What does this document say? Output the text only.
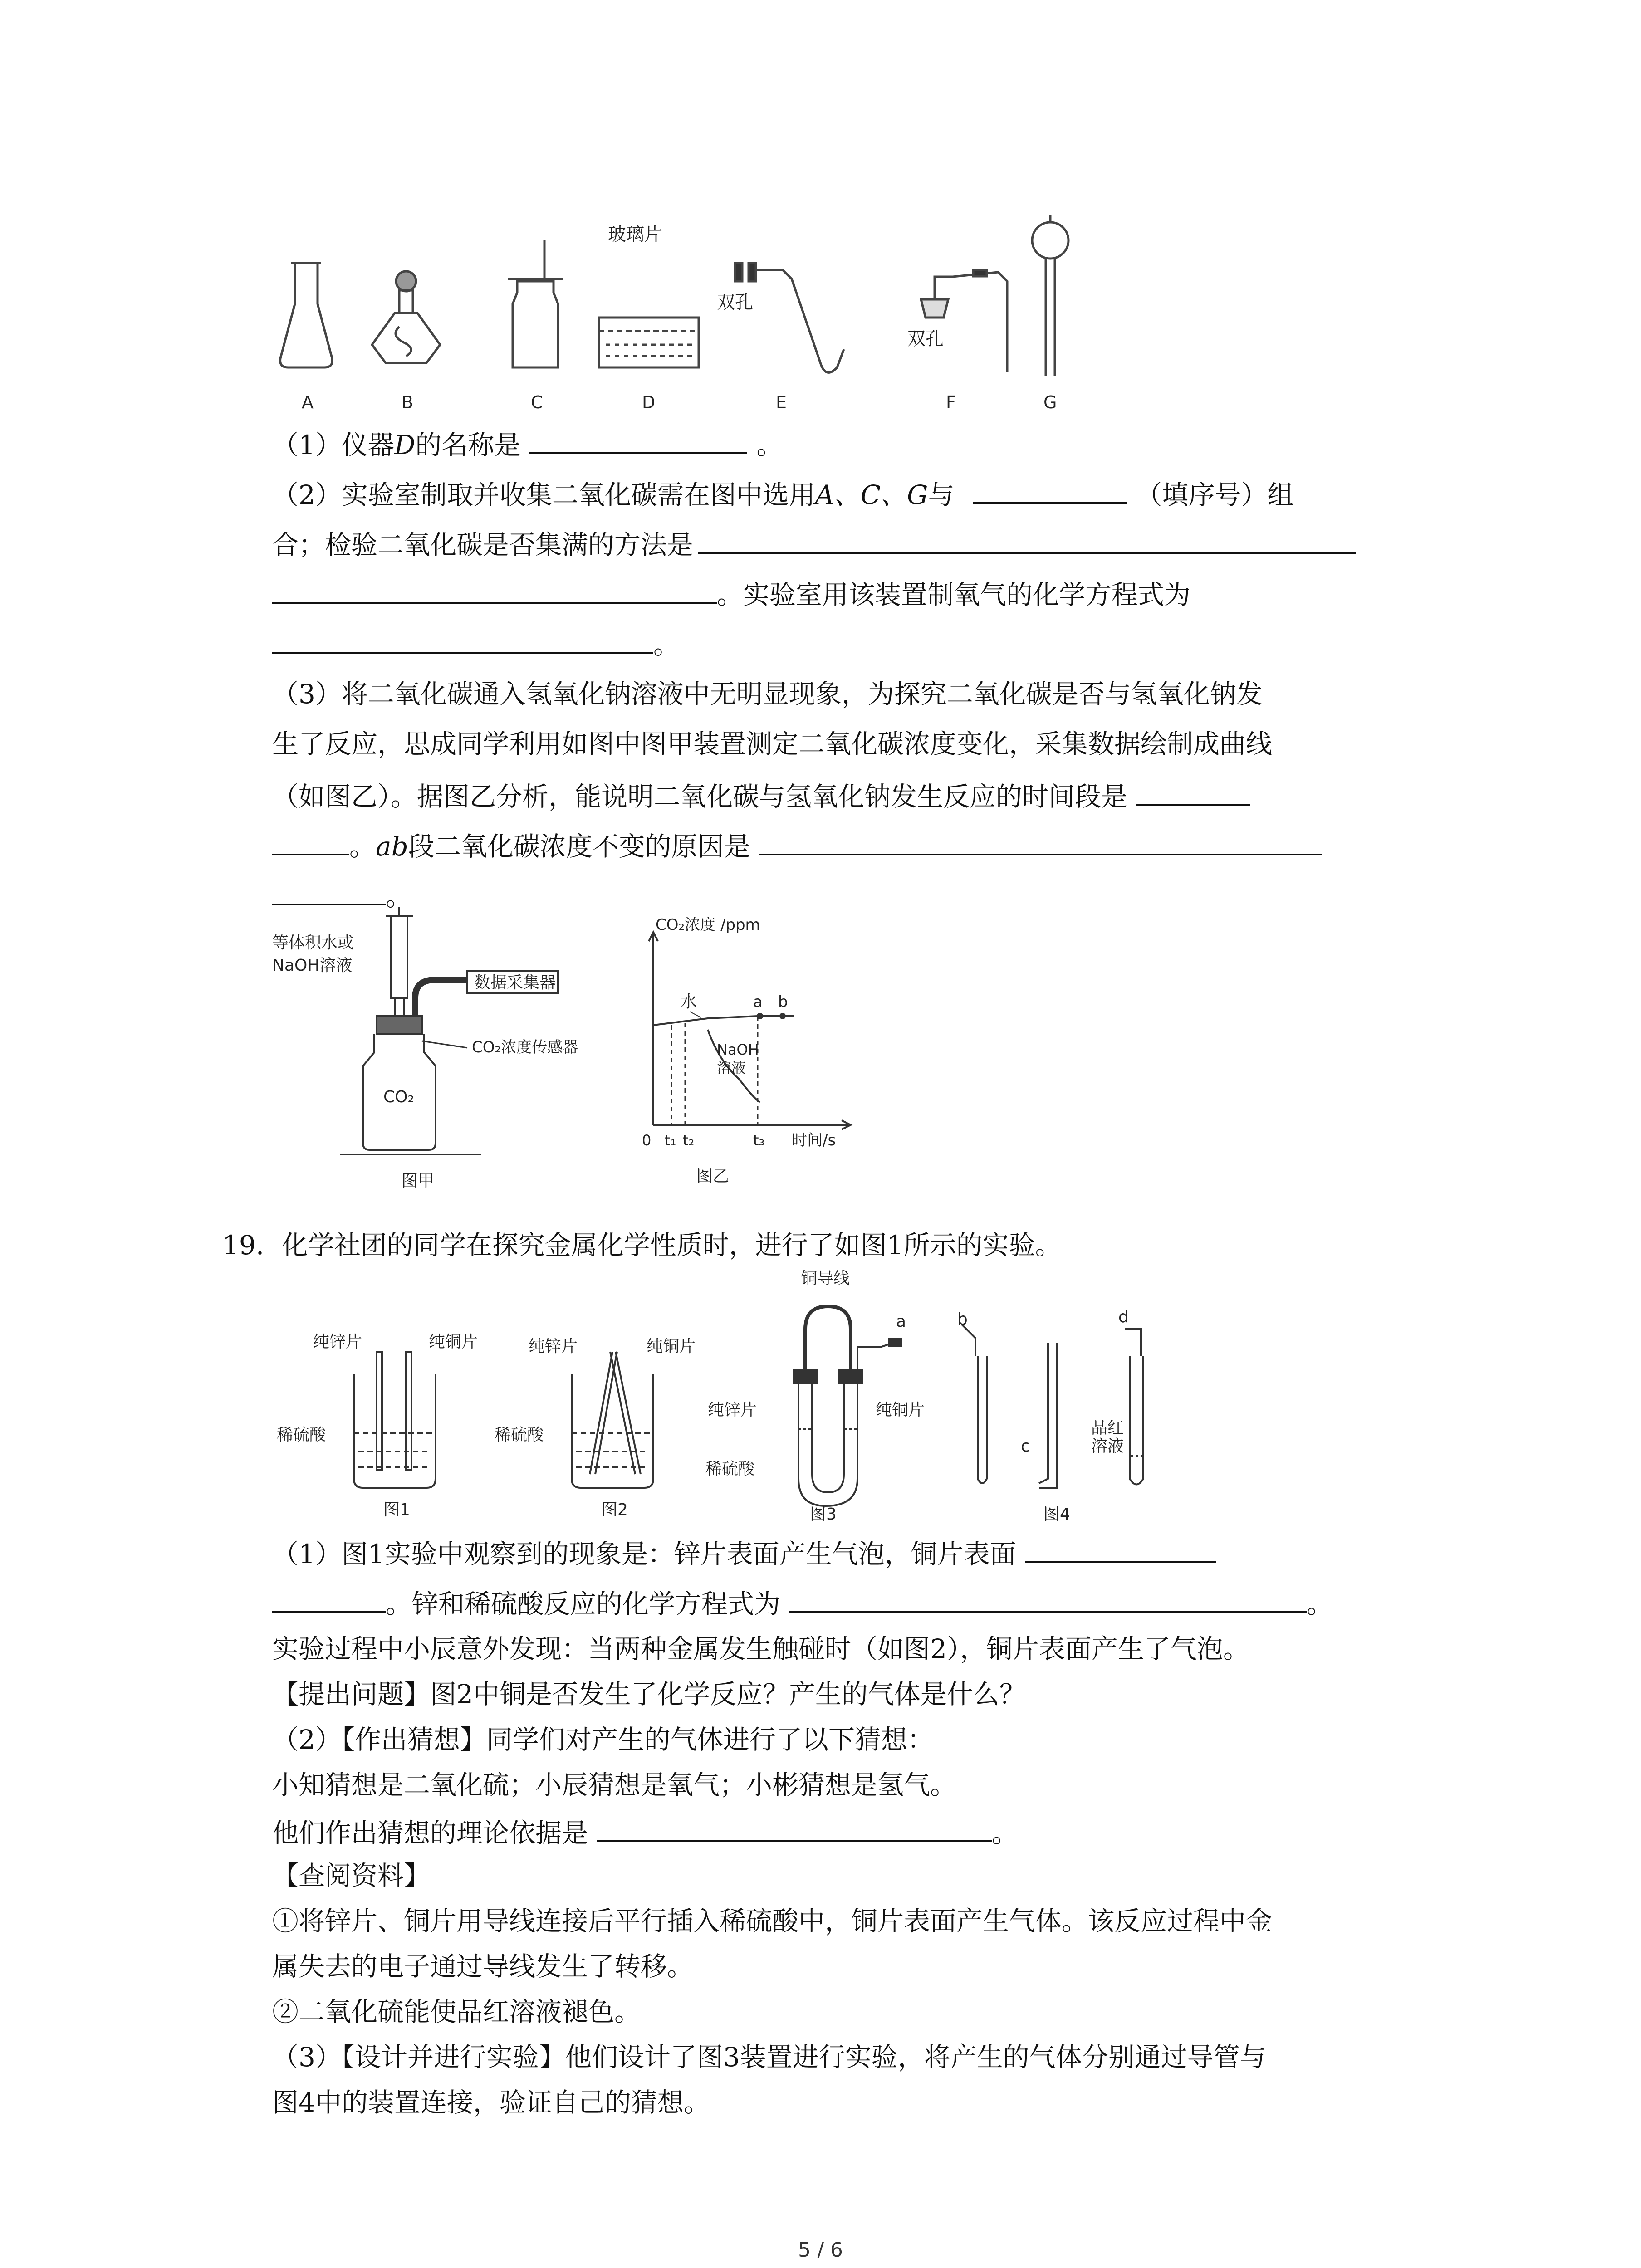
玻璃片
双孔
双孔
A	B	C	D	E	F	G
（1）仪器D的名称是	。
（2）实验室制取并收集二氧化碳需在图中选用A、C、G与	（填序号）组
合；检验二氧化碳是否集满的方法是
。实验室用该装置制氧气的化学方程式为
。
（3）将二氧化碳通入氢氧化钠溶液中无明显现象，为探究二氧化碳是否与氢氧化钠发
生了反应，思成同学利用如图中图甲装置测定二氧化碳浓度变化，采集数据绘制成曲线
（如图乙）。据图乙分析，能说明二氧化碳与氢氧化钠发生反应的时间段是
。ab段二氧化碳浓度不变的原因是
。
等体积水或
NaOH溶液
数据采集器
CO₂浓度传感器
CO₂
图甲
CO₂浓度 /ppm
水	a b
NaOH
溶液
0 t₁ t₂	t₃ 时间/s
图乙
19. 化学社团的同学在探究金属化学性质时，进行了如图1所示的实验。
纯锌片	纯铜片
稀硫酸
纯锌片	纯铜片
稀硫酸
铜导线
a
纯锌片	纯铜片
稀硫酸
b
c
d
品红
溶液
图1	图2	图3	图4
（1）图1实验中观察到的现象是：锌片表面产生气泡，铜片表面
。锌和稀硫酸反应的化学方程式为	。
实验过程中小辰意外发现：当两种金属发生触碰时（如图2），铜片表面产生了气泡。
【提出问题】图2中铜是否发生了化学反应？产生的气体是什么？
（2）【作出猜想】同学们对产生的气体进行了以下猜想：
小知猜想是二氧化硫；小辰猜想是氧气；小彬猜想是氢气。
他们作出猜想的理论依据是	。
【查阅资料】
①将锌片、铜片用导线连接后平行插入稀硫酸中，铜片表面产生气体。该反应过程中金
属失去的电子通过导线发生了转移。
②二氧化硫能使品红溶液褪色。
（3）【设计并进行实验】他们设计了图3装置进行实验，将产生的气体分别通过导管与
图4中的装置连接，验证自己的猜想。
5 / 6
